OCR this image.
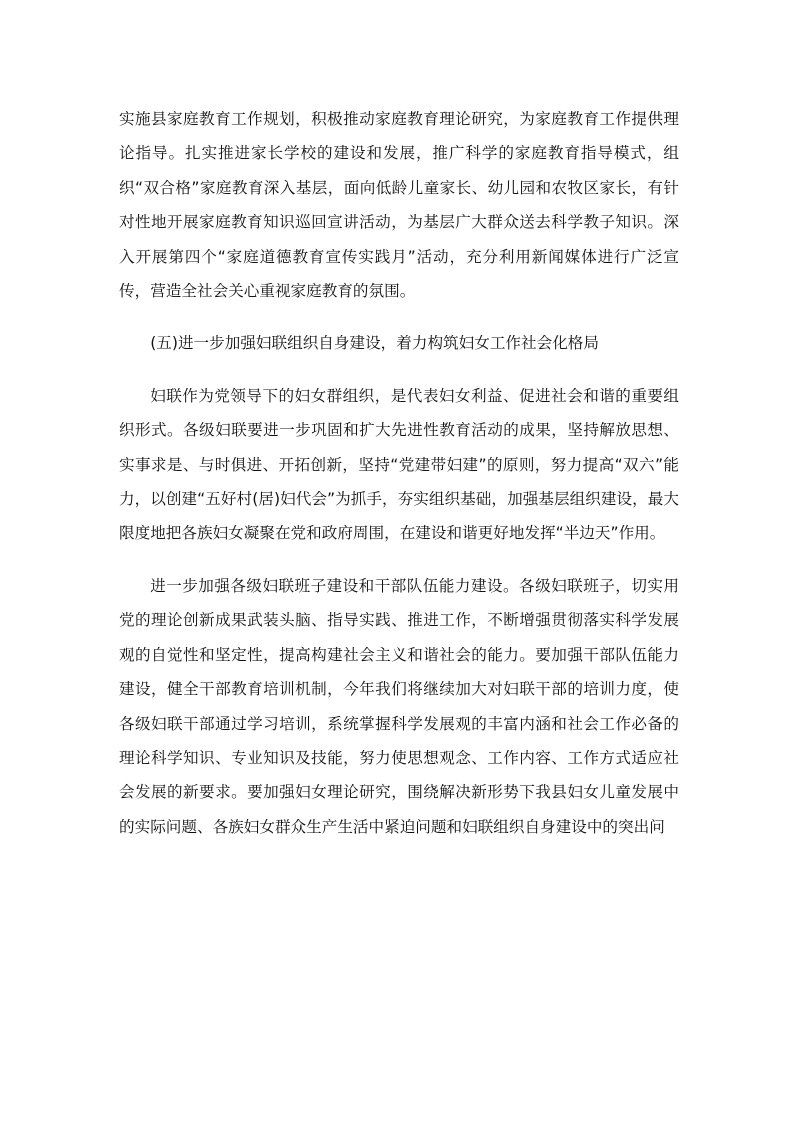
实施县家庭教育工作规划，积极推动家庭教育理论研究，为家庭教育工作提供理论指导。扎实推进家长学校的建设和发展，推广科学的家庭教育指导模式，组织“双合格”家庭教育深入基层，面向低龄儿童家长、幼儿园和农牧区家长，有针对性地开展家庭教育知识巡回宣讲活动，为基层广大群众送去科学教子知识。深入开展第四个“家庭道德教育宣传实践月”活动，充分利用新闻媒体进行广泛宣传，营造全社会关心重视家庭教育的氛围。

(五)进一步加强妇联组织自身建设，着力构筑妇女工作社会化格局

妇联作为党领导下的妇女群组织，是代表妇女利益、促进社会和谐的重要组织形式。各级妇联要进一步巩固和扩大先进性教育活动的成果，坚持解放思想、实事求是、与时俱进、开拓创新，坚持“党建带妇建”的原则，努力提高“双六”能力，以创建“五好村(居)妇代会”为抓手，夯实组织基础，加强基层组织建设，最大限度地把各族妇女凝聚在党和政府周围，在建设和谐更好地发挥“半边天”作用。

进一步加强各级妇联班子建设和干部队伍能力建设。各级妇联班子，切实用党的理论创新成果武装头脑、指导实践、推进工作，不断增强贯彻落实科学发展观的自觉性和坚定性，提高构建社会主义和谐社会的能力。要加强干部队伍能力建设，健全干部教育培训机制，今年我们将继续加大对妇联干部的培训力度，使各级妇联干部通过学习培训，系统掌握科学发展观的丰富内涵和社会工作必备的理论科学知识、专业知识及技能，努力使思想观念、工作内容、工作方式适应社会发展的新要求。要加强妇女理论研究，围绕解决新形势下我县妇女儿童发展中的实际问题、各族妇女群众生产生活中紧迫问题和妇联组织自身建设中的突出问
